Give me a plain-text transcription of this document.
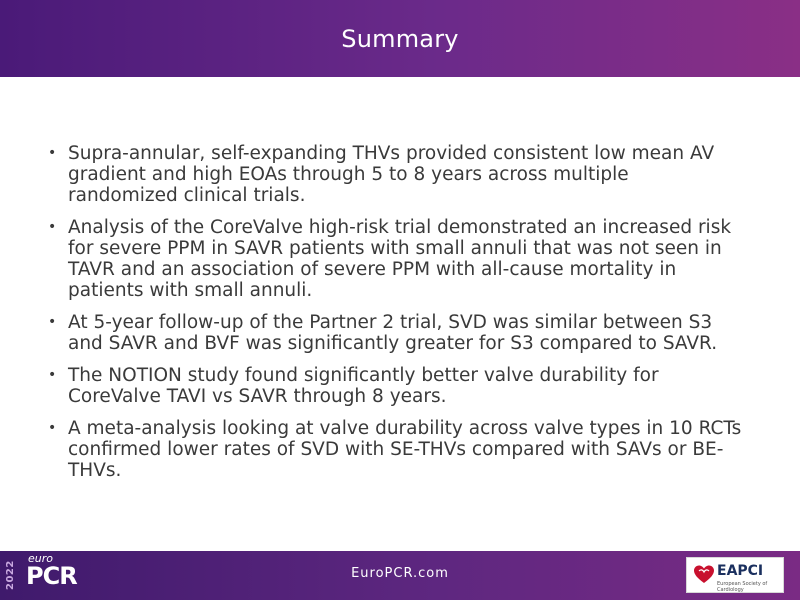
Summary
• Supra-annular, self-expanding THVs provided consistent low mean AV gradient and high EOAs through 5 to 8 years across multiple randomized clinical trials.
• Analysis of the CoreValve high-risk trial demonstrated an increased risk for severe PPM in SAVR patients with small annuli that was not seen in TAVR and an association of severe PPM with all-cause mortality in patients with small annuli.
• At 5-year follow-up of the Partner 2 trial, SVD was similar between S3 and SAVR and BVF was significantly greater for S3 compared to SAVR.
• The NOTION study found significantly better valve durability for CoreValve TAVI vs SAVR through 8 years.
• A meta-analysis looking at valve durability across valve types in 10 RCTs confirmed lower rates of SVD with SE-THVs compared with SAVs or BE-THVs.
2022
euro
PCR	EuroPCR.com	EAPCI
European Society of Cardiology
